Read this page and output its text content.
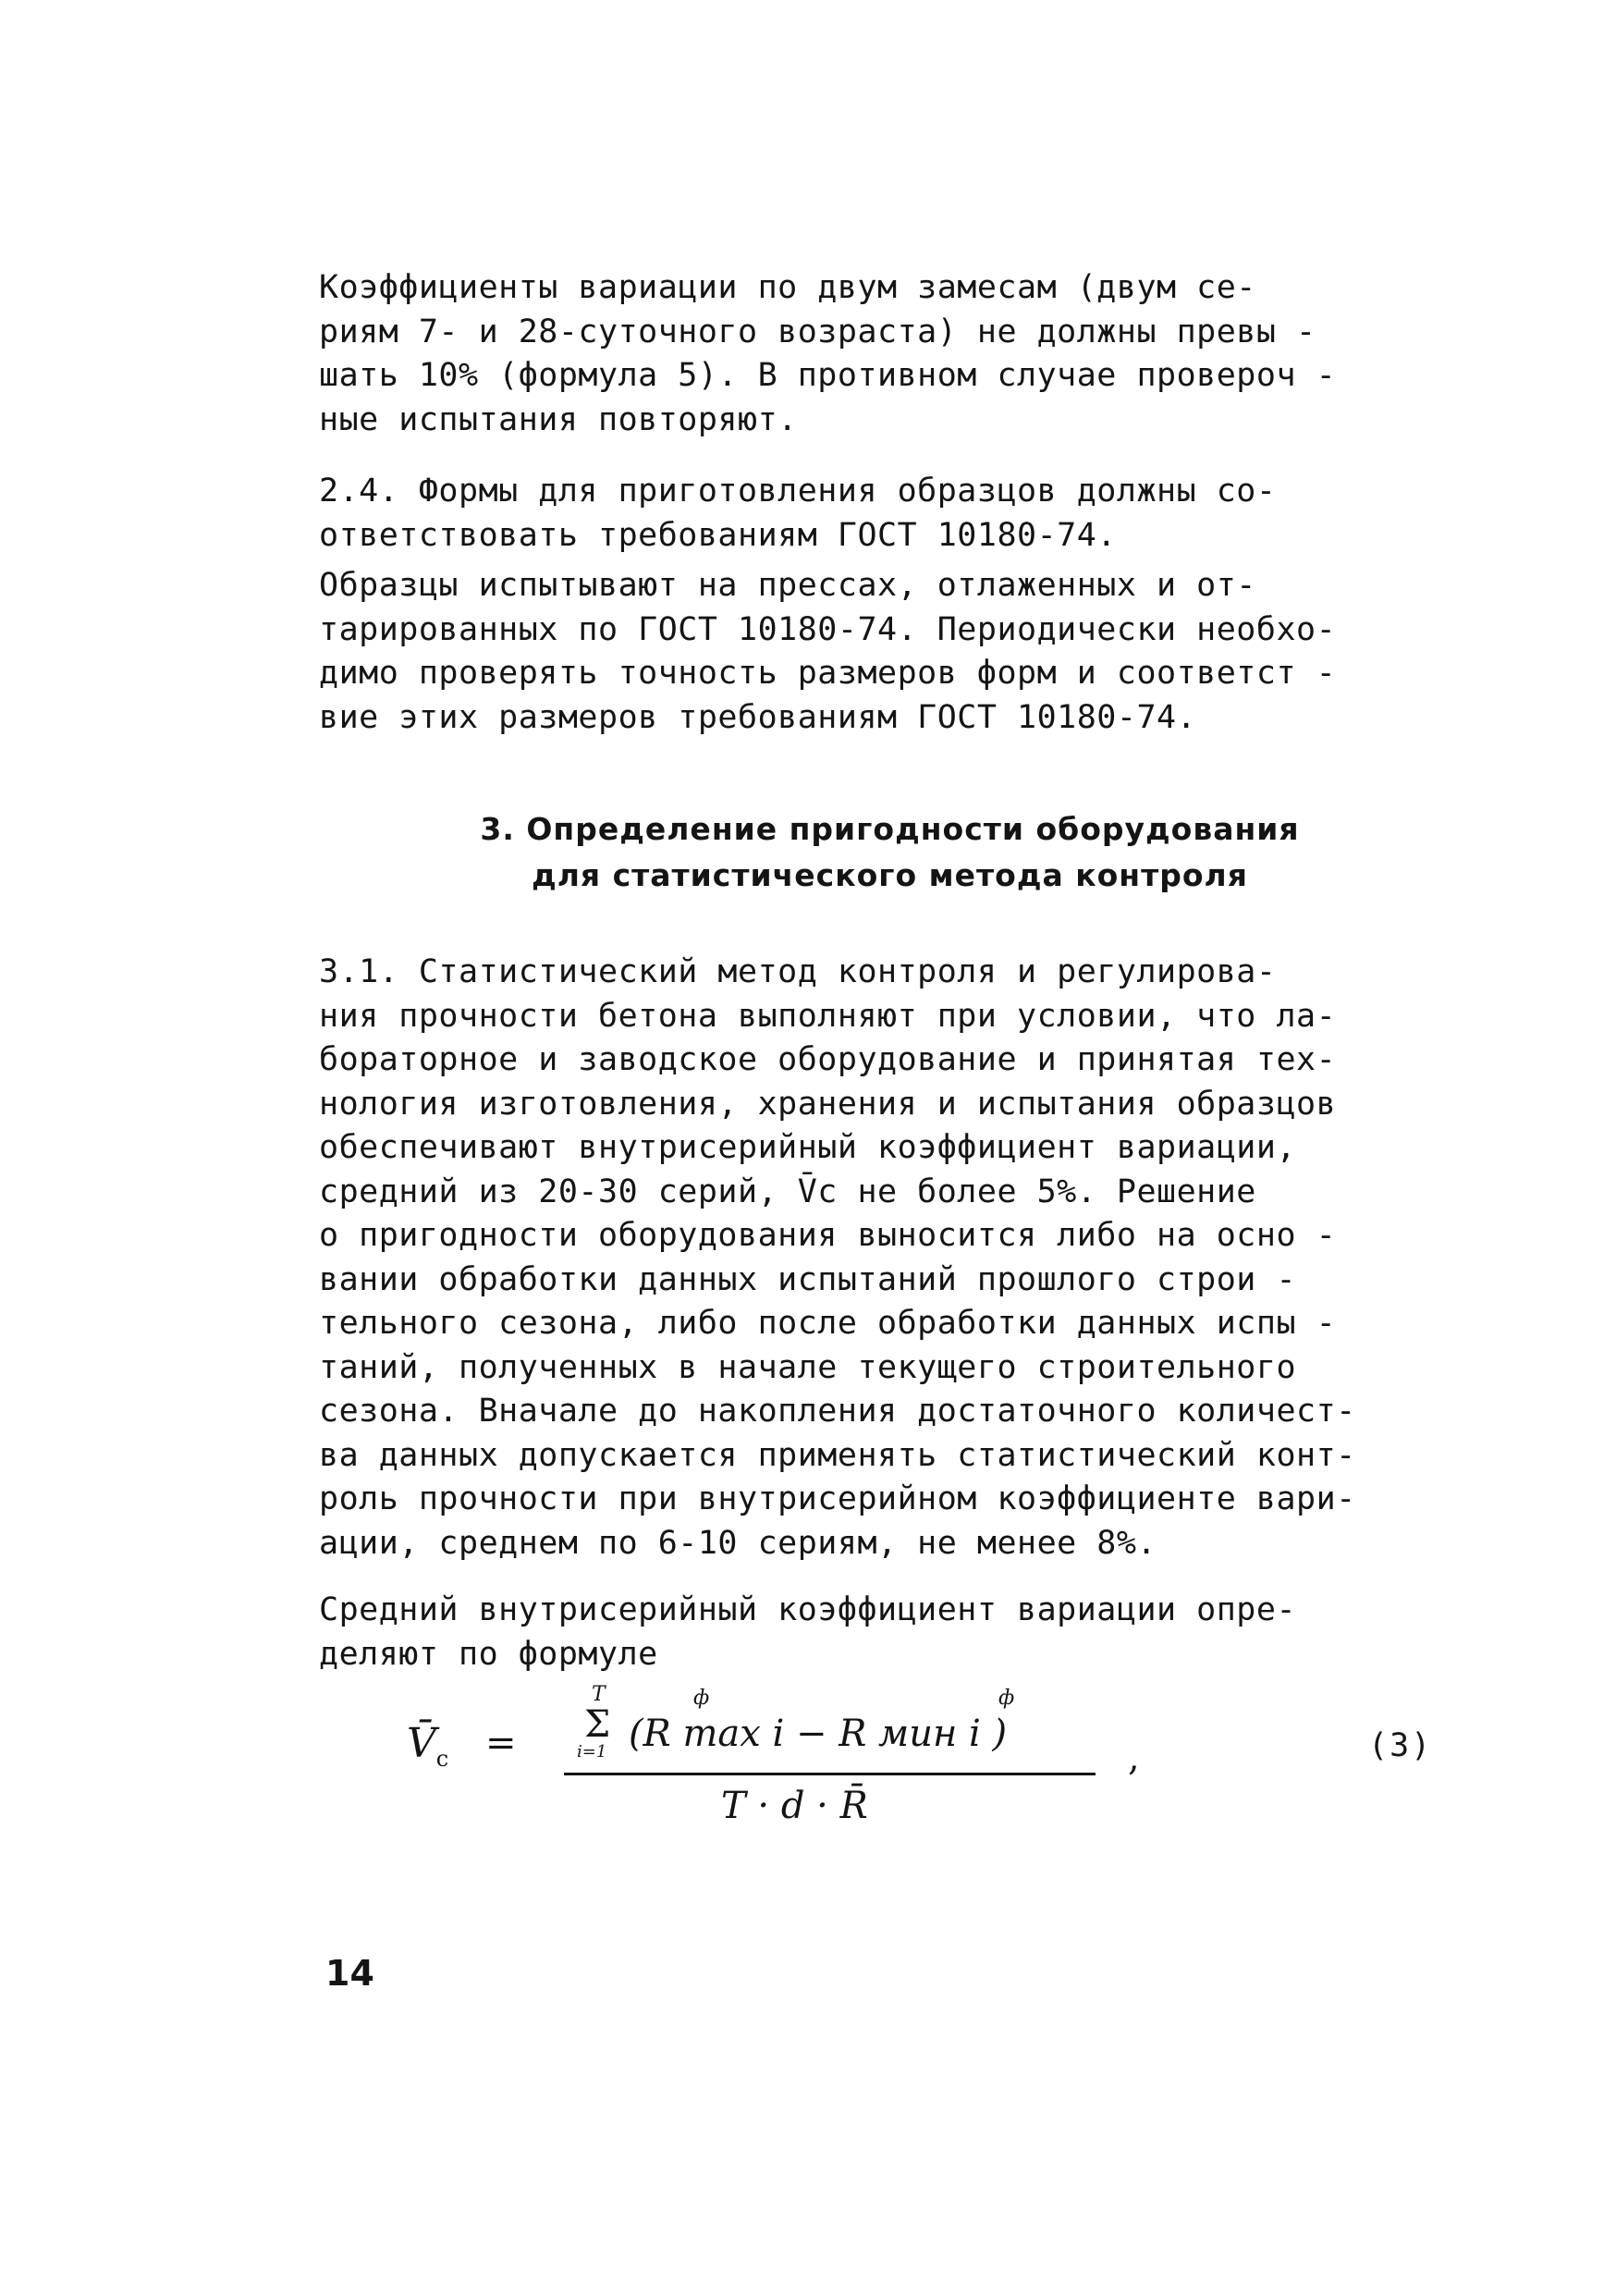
Коэффициенты вариации по двум замесам (двум се-
риям 7- и 28-суточного возраста) не должны превы -
шать 10% (формула 5). В противном случае провероч -
ные испытания повторяют.

2.4. Формы для приготовления образцов должны со-
ответствовать требованиям ГОСТ 10180-74.

Образцы испытывают на прессах, отлаженных и от-
тарированных по ГОСТ 10180-74. Периодически необхо-
димо проверять точность размеров форм и соответст -
вие этих размеров требованиям ГОСТ 10180-74.

3. Определение пригодности оборудования
для статистического метода контроля

3.1. Статистический метод контроля и регулирова-
ния прочности бетона выполняют при условии, что ла-
бораторное и заводское оборудование и принятая тех-
нология изготовления, хранения и испытания образцов
обеспечивают внутрисерийный коэффициент вариации,
средний из 20-30 серий, V̄c не более 5%. Решение
о пригодности оборудования выносится либо на осно -
вании обработки данных испытаний прошлого строи -
тельного сезона, либо после обработки данных испы -
таний, полученных в начале текущего строительного
сезона. Вначале до накопления достаточного количест-
ва данных допускается применять статистический конт-
роль прочности при внутрисерийном коэффициенте вари-
ации, среднем по 6-10 сериям, не менее 8%.

Средний внутрисерийный коэффициент вариации опре-
деляют по формуле

$V̄_c$ =
T
Σ
i=1
ф	ф
(R max i − R мин i )
T · d · R̄
,	(3)
14
